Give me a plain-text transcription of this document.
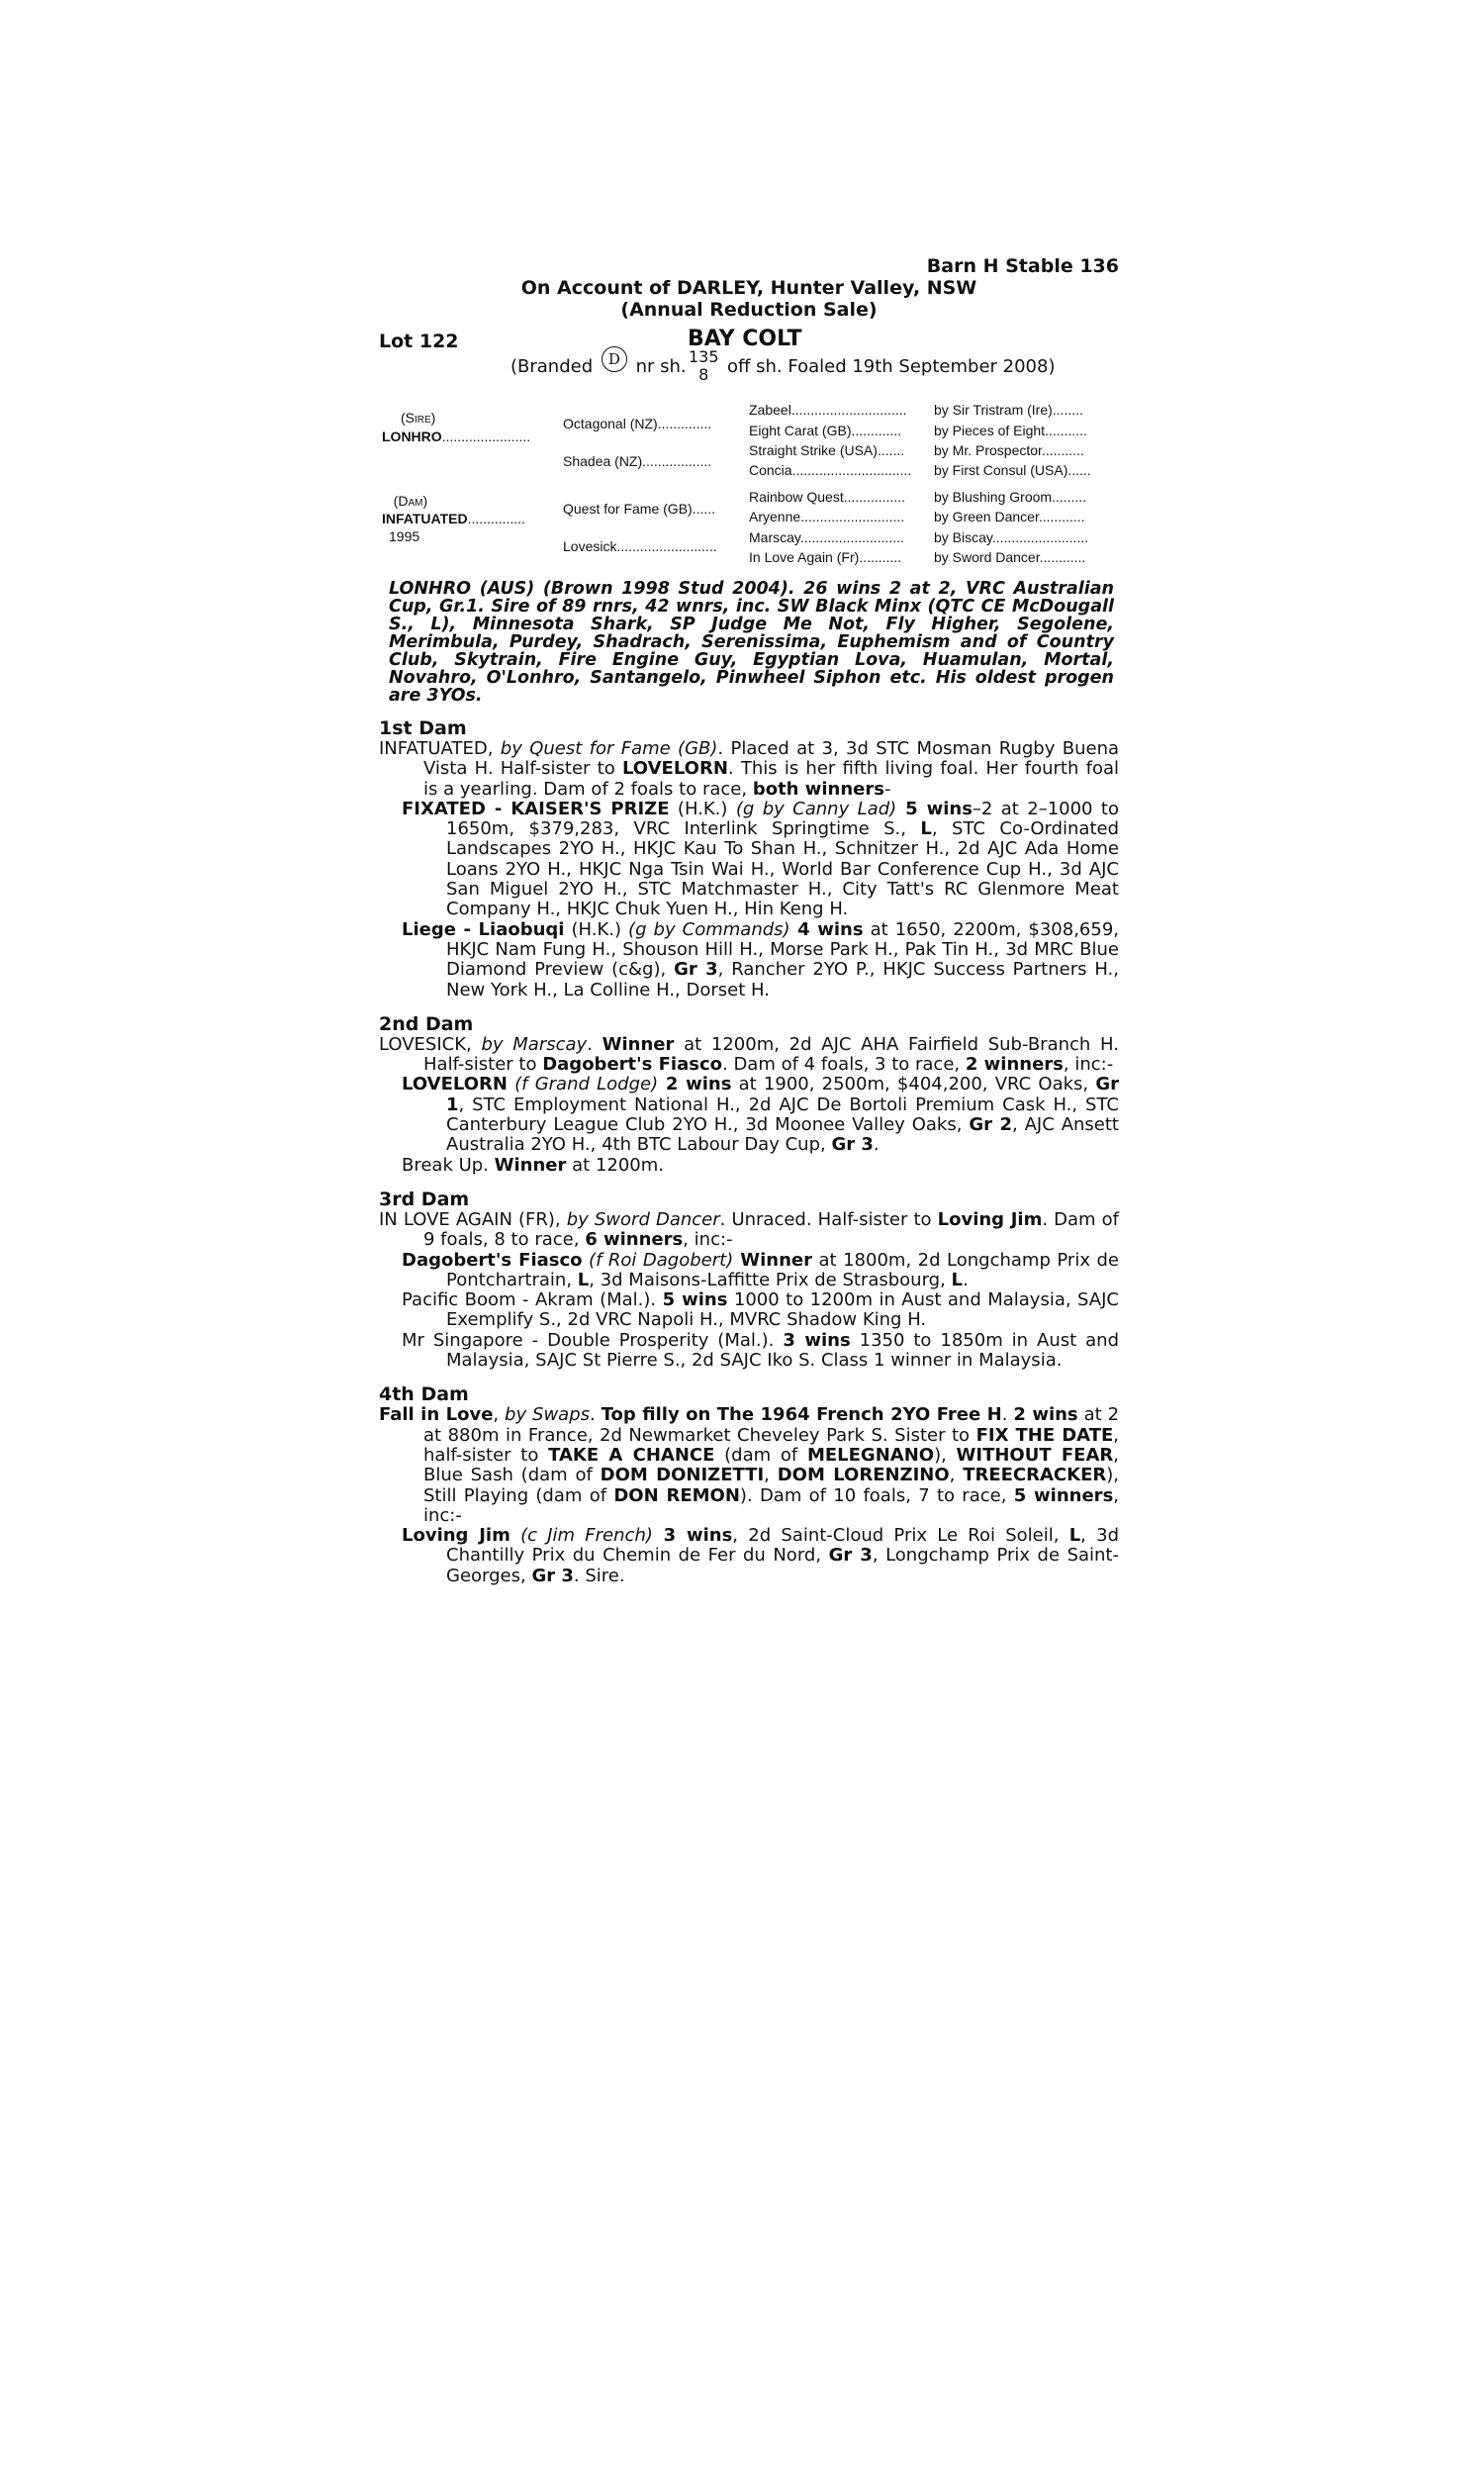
Barn H Stable 136
On Account of DARLEY, Hunter Valley, NSW
(Annual Reduction Sale)
Lot 122	BAY COLT
(Branded D nr sh. 135
8	off sh. Foaled 19th September 2008)
(Sire)
LONHRO.......................
(Dam)
INFATUATED...............
1995
Octagonal (NZ)..............
Shadea (NZ)..................
Quest for Fame (GB)......
Lovesick..........................
Zabeel..............................
Eight Carat (GB).............
Straight Strike (USA).......
Concia...............................
Rainbow Quest................
Aryenne...........................
Marscay...........................
In Love Again (Fr)...........
by Sir Tristram (Ire)........
by Pieces of Eight...........
by Mr. Prospector...........
by First Consul (USA)......
by Blushing Groom.........
by Green Dancer............
by Biscay.........................
by Sword Dancer............
LONHRO (AUS) (Brown 1998 Stud 2004). 26 wins 2 at 2, VRC Australian Cup, Gr.1. Sire of 89 rnrs, 42 wnrs, inc. SW Black Minx (QTC CE McDougall S., L), Minnesota Shark, SP Judge Me Not, Fly Higher, Segolene, Merimbula, Purdey, Shadrach, Serenissima, Euphemism and of Country Club, Skytrain, Fire Engine Guy, Egyptian Lova, Huamulan, Mortal, Novahro, O'Lonhro, Santangelo, Pinwheel Siphon etc. His oldest progen are 3YOs.
1st Dam
INFATUATED, by Quest for Fame (GB). Placed at 3, 3d STC Mosman Rugby Buena Vista H. Half-sister to LOVELORN. This is her fifth living foal. Her fourth foal is a yearling. Dam of 2 foals to race, both winners-
FIXATED - KAISER'S PRIZE (H.K.) (g by Canny Lad) 5 wins–2 at 2–1000 to 1650m, $379,283, VRC Interlink Springtime S., L, STC Co-Ordinated Landscapes 2YO H., HKJC Kau To Shan H., Schnitzer H., 2d AJC Ada Home Loans 2YO H., HKJC Nga Tsin Wai H., World Bar Conference Cup H., 3d AJC San Miguel 2YO H., STC Matchmaster H., City Tatt's RC Glenmore Meat Company H., HKJC Chuk Yuen H., Hin Keng H.
Liege - Liaobuqi (H.K.) (g by Commands) 4 wins at 1650, 2200m, $308,659, HKJC Nam Fung H., Shouson Hill H., Morse Park H., Pak Tin H., 3d MRC Blue Diamond Preview (c&g), Gr 3, Rancher 2YO P., HKJC Success Partners H., New York H., La Colline H., Dorset H.
2nd Dam
LOVESICK, by Marscay. Winner at 1200m, 2d AJC AHA Fairfield Sub-Branch H. Half-sister to Dagobert's Fiasco. Dam of 4 foals, 3 to race, 2 winners, inc:-
LOVELORN (f Grand Lodge) 2 wins at 1900, 2500m, $404,200, VRC Oaks, Gr 1, STC Employment National H., 2d AJC De Bortoli Premium Cask H., STC Canterbury League Club 2YO H., 3d Moonee Valley Oaks, Gr 2, AJC Ansett Australia 2YO H., 4th BTC Labour Day Cup, Gr 3.
Break Up. Winner at 1200m.
3rd Dam
IN LOVE AGAIN (FR), by Sword Dancer. Unraced. Half-sister to Loving Jim. Dam of 9 foals, 8 to race, 6 winners, inc:-
Dagobert's Fiasco (f Roi Dagobert) Winner at 1800m, 2d Longchamp Prix de Pontchartrain, L, 3d Maisons-Laffitte Prix de Strasbourg, L.
Pacific Boom - Akram (Mal.). 5 wins 1000 to 1200m in Aust and Malaysia, SAJC Exemplify S., 2d VRC Napoli H., MVRC Shadow King H.
Mr Singapore - Double Prosperity (Mal.). 3 wins 1350 to 1850m in Aust and Malaysia, SAJC St Pierre S., 2d SAJC Iko S. Class 1 winner in Malaysia.
4th Dam
Fall in Love, by Swaps. Top filly on The 1964 French 2YO Free H. 2 wins at 2 at 880m in France, 2d Newmarket Cheveley Park S. Sister to FIX THE DATE, half-sister to TAKE A CHANCE (dam of MELEGNANO), WITHOUT FEAR, Blue Sash (dam of DOM DONIZETTI, DOM LORENZINO, TREECRACKER), Still Playing (dam of DON REMON). Dam of 10 foals, 7 to race, 5 winners, inc:-
Loving Jim (c Jim French) 3 wins, 2d Saint-Cloud Prix Le Roi Soleil, L, 3d Chantilly Prix du Chemin de Fer du Nord, Gr 3, Longchamp Prix de Saint-Georges, Gr 3. Sire.
